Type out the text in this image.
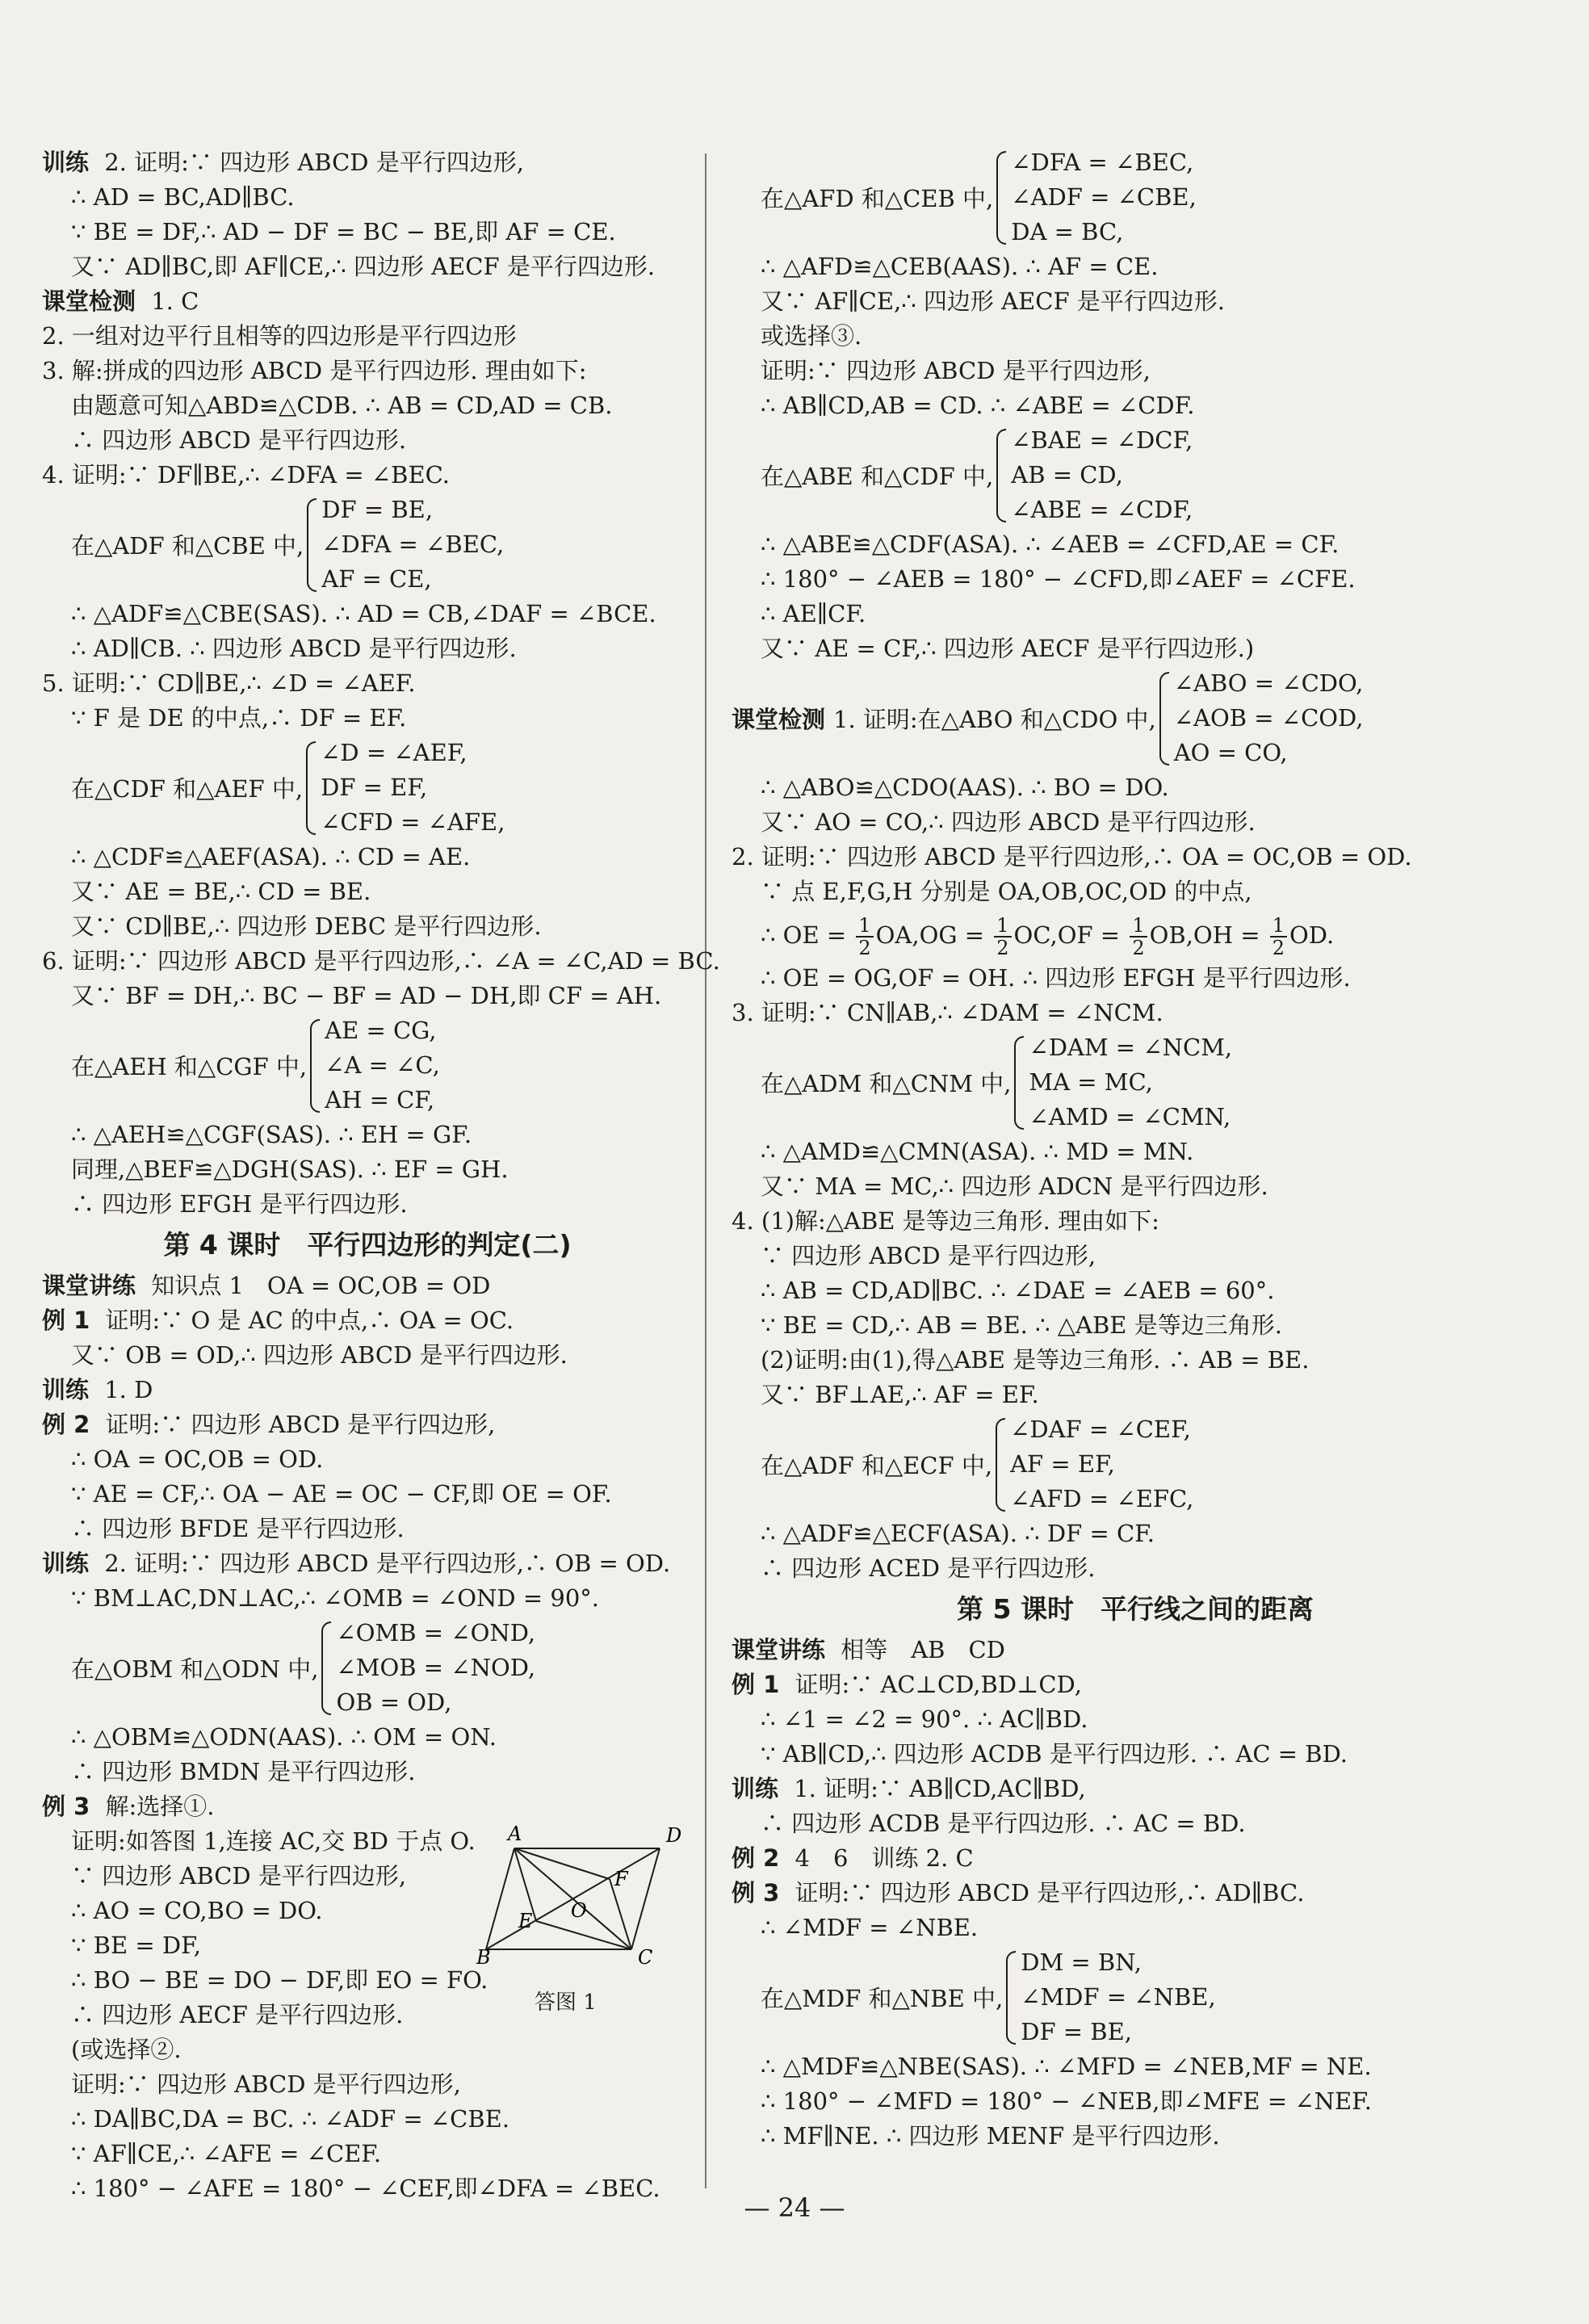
训练 2. 证明:∵ 四边形 ABCD 是平行四边形,
∴ AD = BC,AD∥BC.
∵ BE = DF,∴ AD − DF = BC − BE,即 AF = CE.
又∵ AD∥BC,即 AF∥CE,∴ 四边形 AECF 是平行四边形.
课堂检测 1. C
2. 一组对边平行且相等的四边形是平行四边形
3. 解:拼成的四边形 ABCD 是平行四边形. 理由如下:
由题意可知△ABD≌△CDB. ∴ AB = CD,AD = CB.
∴ 四边形 ABCD 是平行四边形.
4. 证明:∵ DF∥BE,∴ ∠DFA = ∠BEC.
在△ADF 和△CBE 中,
DF = BE,
∠DFA = ∠BEC,
AF = CE,
∴ △ADF≌△CBE(SAS). ∴ AD = CB,∠DAF = ∠BCE.
∴ AD∥CB. ∴ 四边形 ABCD 是平行四边形.
5. 证明:∵ CD∥BE,∴ ∠D = ∠AEF.
∵ F 是 DE 的中点,∴ DF = EF.
在△CDF 和△AEF 中,
∠D = ∠AEF,
DF = EF,
∠CFD = ∠AFE,
∴ △CDF≌△AEF(ASA). ∴ CD = AE.
又∵ AE = BE,∴ CD = BE.
又∵ CD∥BE,∴ 四边形 DEBC 是平行四边形.
6. 证明:∵ 四边形 ABCD 是平行四边形,∴ ∠A = ∠C,AD = BC.
又∵ BF = DH,∴ BC − BF = AD − DH,即 CF = AH.
在△AEH 和△CGF 中,
AE = CG,
∠A = ∠C,
AH = CF,
∴ △AEH≌△CGF(SAS). ∴ EH = GF.
同理,△BEF≌△DGH(SAS). ∴ EF = GH.
∴ 四边形 EFGH 是平行四边形.
第 4 课时　平行四边形的判定(二)
课堂讲练 知识点 1　OA = OC,OB = OD
例 1 证明:∵ O 是 AC 的中点,∴ OA = OC.
又∵ OB = OD,∴ 四边形 ABCD 是平行四边形.
训练 1. D
例 2 证明:∵ 四边形 ABCD 是平行四边形,
∴ OA = OC,OB = OD.
∵ AE = CF,∴ OA − AE = OC − CF,即 OE = OF.
∴ 四边形 BFDE 是平行四边形.
训练 2. 证明:∵ 四边形 ABCD 是平行四边形,∴ OB = OD.
∵ BM⊥AC,DN⊥AC,∴ ∠OMB = ∠OND = 90°.
在△OBM 和△ODN 中,
∠OMB = ∠OND,
∠MOB = ∠NOD,
OB = OD,
∴ △OBM≌△ODN(AAS). ∴ OM = ON.
∴ 四边形 BMDN 是平行四边形.
例 3 解:选择①.
A	D
B	C
E
F
O
答图 1
证明:如答图 1,连接 AC,交 BD 于点 O.
∵ 四边形 ABCD 是平行四边形,
∴ AO = CO,BO = DO.
∵ BE = DF,
∴ BO − BE = DO − DF,即 EO = FO.
∴ 四边形 AECF 是平行四边形.
(或选择②.
证明:∵ 四边形 ABCD 是平行四边形,
∴ DA∥BC,DA = BC. ∴ ∠ADF = ∠CBE.
∵ AF∥CE,∴ ∠AFE = ∠CEF.
∴ 180° − ∠AFE = 180° − ∠CEF,即∠DFA = ∠BEC.
在△AFD 和△CEB 中,
∠DFA = ∠BEC,
∠ADF = ∠CBE,
DA = BC,
∴ △AFD≌△CEB(AAS). ∴ AF = CE.
又∵ AF∥CE,∴ 四边形 AECF 是平行四边形.
或选择③.
证明:∵ 四边形 ABCD 是平行四边形,
∴ AB∥CD,AB = CD. ∴ ∠ABE = ∠CDF.
在△ABE 和△CDF 中,
∠BAE = ∠DCF,
AB = CD,
∠ABE = ∠CDF,
∴ △ABE≌△CDF(ASA). ∴ ∠AEB = ∠CFD,AE = CF.
∴ 180° − ∠AEB = 180° − ∠CFD,即∠AEF = ∠CFE.
∴ AE∥CF.
又∵ AE = CF,∴ 四边形 AECF 是平行四边形.)
课堂检测 1. 证明:在△ABO 和△CDO 中,
∠ABO = ∠CDO,
∠AOB = ∠COD,
AO = CO,
∴ △ABO≌△CDO(AAS). ∴ BO = DO.
又∵ AO = CO,∴ 四边形 ABCD 是平行四边形.
2. 证明:∵ 四边形 ABCD 是平行四边形,∴ OA = OC,OB = OD.
∵ 点 E,F,G,H 分别是 OA,OB,OC,OD 的中点,
∴ OE = $\frac{1}{2} OA,OG = \frac{1}{2} OC,OF = \frac{1}{2} OB,OH = \frac{1}{2}$ OD.
∴ OE = OG,OF = OH. ∴ 四边形 EFGH 是平行四边形.
3. 证明:∵ CN∥AB,∴ ∠DAM = ∠NCM.
在△ADM 和△CNM 中,
∠DAM = ∠NCM,
MA = MC,
∠AMD = ∠CMN,
∴ △AMD≌△CMN(ASA). ∴ MD = MN.
又∵ MA = MC,∴ 四边形 ADCN 是平行四边形.
4. (1)解:△ABE 是等边三角形. 理由如下:
∵ 四边形 ABCD 是平行四边形,
∴ AB = CD,AD∥BC. ∴ ∠DAE = ∠AEB = 60°.
∵ BE = CD,∴ AB = BE. ∴ △ABE 是等边三角形.
(2)证明:由(1),得△ABE 是等边三角形. ∴ AB = BE.
又∵ BF⊥AE,∴ AF = EF.
在△ADF 和△ECF 中,
∠DAF = ∠CEF,
AF = EF,
∠AFD = ∠EFC,
∴ △ADF≌△ECF(ASA). ∴ DF = CF.
∴ 四边形 ACED 是平行四边形.
第 5 课时　平行线之间的距离
课堂讲练 相等　AB　CD
例 1 证明:∵ AC⊥CD,BD⊥CD,
∴ ∠1 = ∠2 = 90°. ∴ AC∥BD.
∵ AB∥CD,∴ 四边形 ACDB 是平行四边形. ∴ AC = BD.
训练 1. 证明:∵ AB∥CD,AC∥BD,
∴ 四边形 ACDB 是平行四边形. ∴ AC = BD.
例 2 4　6　训练 2. C
例 3 证明:∵ 四边形 ABCD 是平行四边形,∴ AD∥BC.
∴ ∠MDF = ∠NBE.
在△MDF 和△NBE 中,
DM = BN,
∠MDF = ∠NBE,
DF = BE,
∴ △MDF≌△NBE(SAS). ∴ ∠MFD = ∠NEB,MF = NE.
∴ 180° − ∠MFD = 180° − ∠NEB,即∠MFE = ∠NEF.
∴ MF∥NE. ∴ 四边形 MENF 是平行四边形.
— 24 —
